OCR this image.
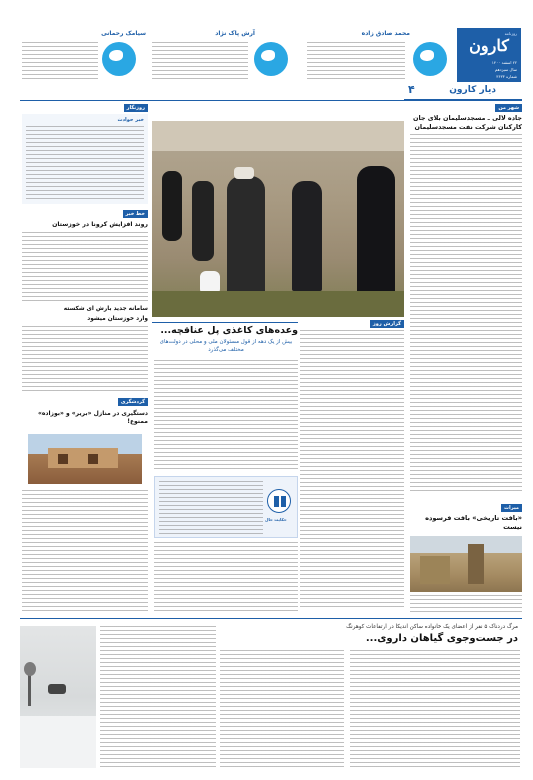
روزنامه
کارون
۲۲ اسفند ۱۴۰۰
سال سیزدهم
شماره ۳۶۳۳
دیار کارون
۴
محمد صادق زاده
آرش پاک نژاد
سیامک رحمانی
شهر من
جاده لالی ـ مسجدسلیمان بلای جان کارکنان شرکت نفت مسجدسلیمان
میراث
«بافت تاریخی» بافت فرسوده نیست
گزارش روز
وعده‌های کاغذی پل عناقچه...
بیش از یک دهه از قول مسئولان ملی و محلی در دولت‌های مختلف می‌گذرد
حکایت حال
روزنگار
خبر حوادث
خط خبر
روند افزایش کرونا در خوزستان
سامانه جدید بارش ای شکسته
وارد خوزستان میشود
گردشگری
دستگیری در منازل «بریر» و «بوزاده» ممنوع!
مرگ دردناک ۵ نفر از اعضای یک خانواده ساکن اندیکا در ارتفاعات کوهرنگ
در جست‌وجوی گیاهان داروی...
